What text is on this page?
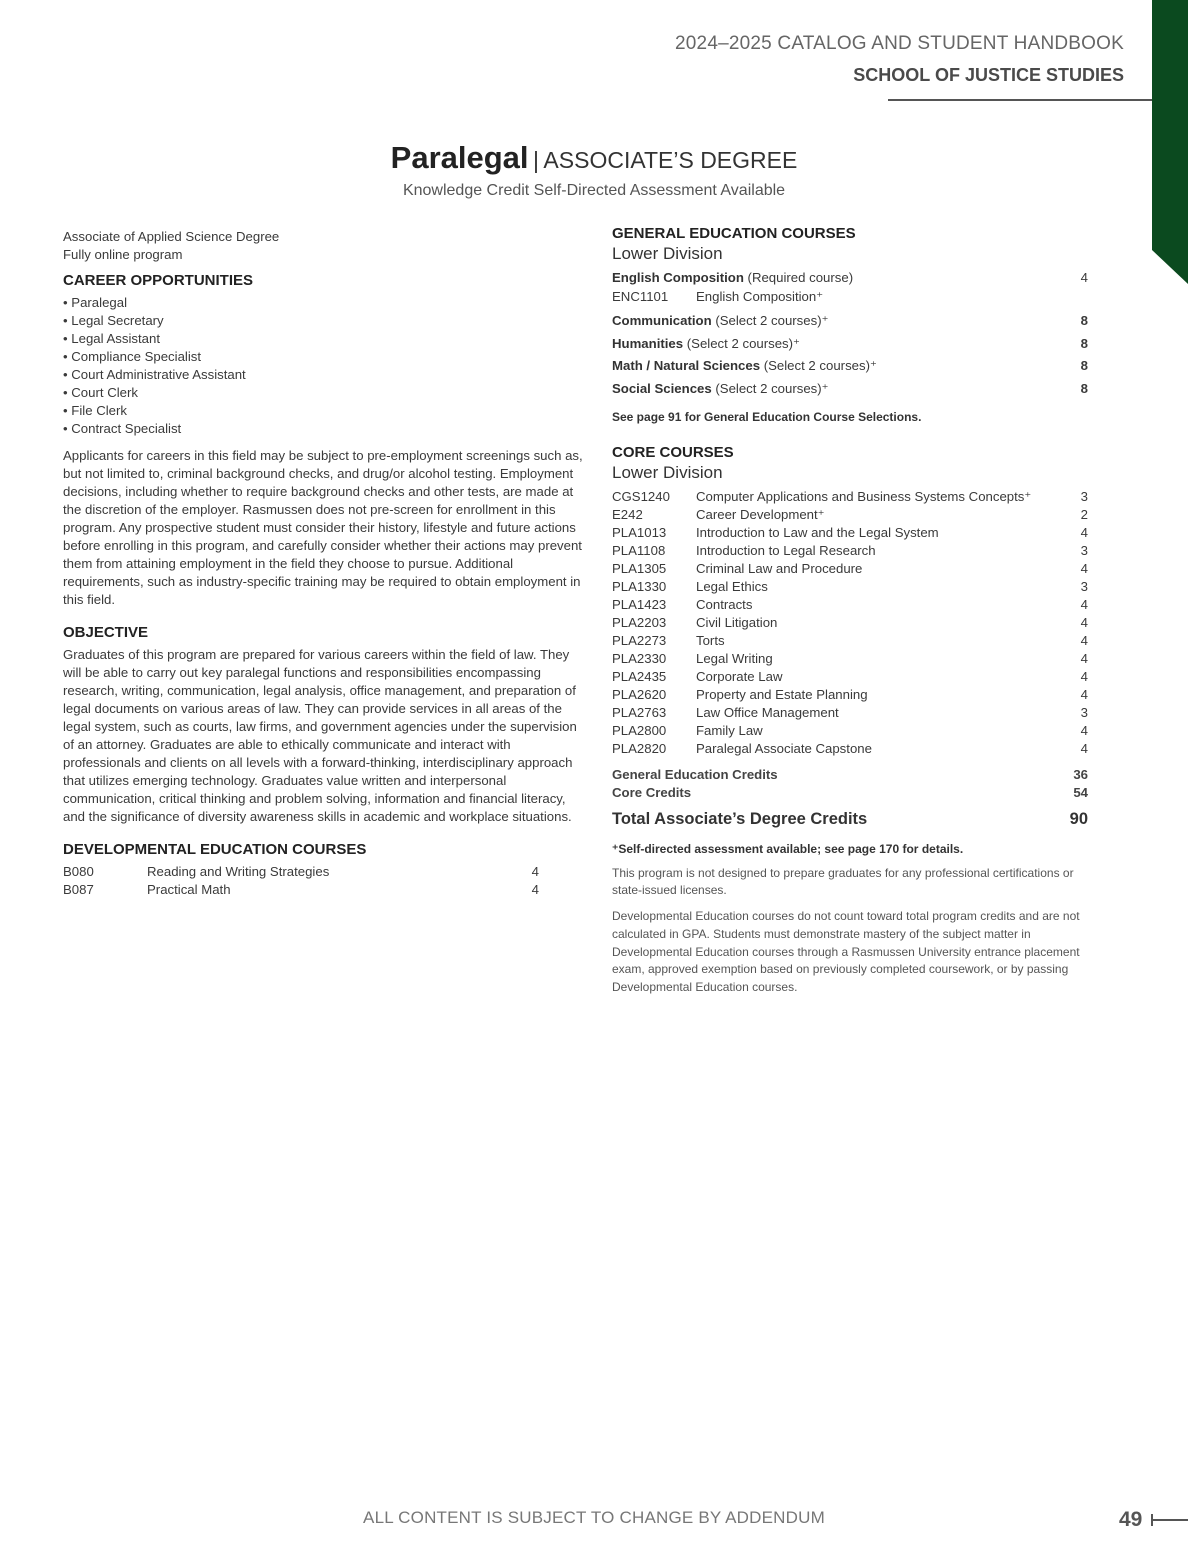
2024–2025 CATALOG AND STUDENT HANDBOOK
SCHOOL OF JUSTICE STUDIES
Paralegal | ASSOCIATE’S DEGREE
Knowledge Credit Self-Directed Assessment Available

Associate of Applied Science Degree

Fully online program

CAREER OPPORTUNITIES

• Paralegal
• Legal Secretary
• Legal Assistant
• Compliance Specialist
• Court Administrative Assistant
• Court Clerk
• File Clerk
• Contract Specialist

Applicants for careers in this field may be subject to pre-employment screenings such as, but not limited to, criminal background checks, and drug/or alcohol testing. Employment decisions, including whether to require background checks and other tests, are made at the discretion of the employer. Rasmussen does not pre-screen for enrollment in this program. Any prospective student must consider their history, lifestyle and future actions before enrolling in this program, and carefully consider whether their actions may prevent them from attaining employment in the field they choose to pursue. Additional requirements, such as industry-specific training may be required to obtain employment in this field.

OBJECTIVE

Graduates of this program are prepared for various careers within the field of law. They will be able to carry out key paralegal functions and responsibilities encompassing research, writing, communication, legal analysis, office management, and preparation of legal documents on various areas of law. They can provide services in all areas of the legal system, such as courts, law firms, and government agencies under the supervision of an attorney. Graduates are able to ethically communicate and interact with professionals and clients on all levels with a forward-thinking, interdisciplinary approach that utilizes emerging technology. Graduates value written and interpersonal communication, critical thinking and problem solving, information and financial literacy, and the significance of diversity awareness skills in academic and workplace situations.

DEVELOPMENTAL EDUCATION COURSES

B080	Reading and Writing Strategies	4
B087	Practical Math	4

GENERAL EDUCATION COURSES

Lower Division

English Composition (Required course)	4
ENC1101	English Composition⁺
Communication (Select 2 courses)⁺	8
Humanities (Select 2 courses)⁺	8
Math / Natural Sciences (Select 2 courses)⁺	8
Social Sciences (Select 2 courses)⁺	8

See page 91 for General Education Course Selections.

CORE COURSES

Lower Division

CGS1240	Computer Applications and Business Systems Concepts⁺	3
E242	Career Development⁺	2
PLA1013	Introduction to Law and the Legal System	4
PLA1108	Introduction to Legal Research	3
PLA1305	Criminal Law and Procedure	4
PLA1330	Legal Ethics	3
PLA1423	Contracts	4
PLA2203	Civil Litigation	4
PLA2273	Torts	4
PLA2330	Legal Writing	4
PLA2435	Corporate Law	4
PLA2620	Property and Estate Planning	4
PLA2763	Law Office Management	3
PLA2800	Family Law	4
PLA2820	Paralegal Associate Capstone	4
General Education Credits	36
Core Credits	54
Total Associate’s Degree Credits	90

⁺Self-directed assessment available; see page 170 for details.

This program is not designed to prepare graduates for any professional certifications or state-issued licenses.

Developmental Education courses do not count toward total program credits and are not calculated in GPA. Students must demonstrate mastery of the subject matter in Developmental Education courses through a Rasmussen University entrance placement exam, approved exemption based on previously completed coursework, or by passing Developmental Education courses.

ALL CONTENT IS SUBJECT TO CHANGE BY ADDENDUM	49
